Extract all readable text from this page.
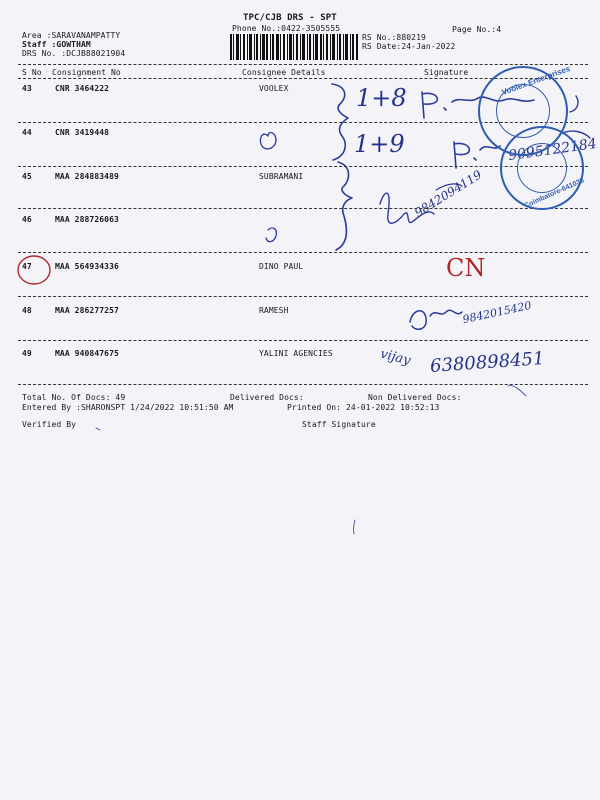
TPC/CJB DRS - SPT
Phone No.:0422-3505555	Page No.:4
Area :SARAVANAMPATTY
Staff :GOWTHAM
DRS No. :DCJB88021904
RS No.:880219
RS Date:24-Jan-2022
S No Consignment No	Consignee Details	Signature
43	CNR 3464222	VOOLEX
44	CNR 3419448
45	MAA 284883489	SUBRAMANI
46	MAA 288726063
47	MAA 564934336	DINO PAUL
48	MAA 286277257	RAMESH
49	MAA 940847675	YALINI AGENCIES
Total No. Of Docs: 49	Delivered Docs:	Non Delivered Docs:
Entered By :SHARONSPT 1/24/2022 10:51:50 AM	Printed On: 24-01-2022 10:52:13
Verified By	Staff Signature
1+8
1+9	9095122184
9842094119
CN
9842015420
vijay 6380898451
Voolex Enterprises
Coimbatore-641035
